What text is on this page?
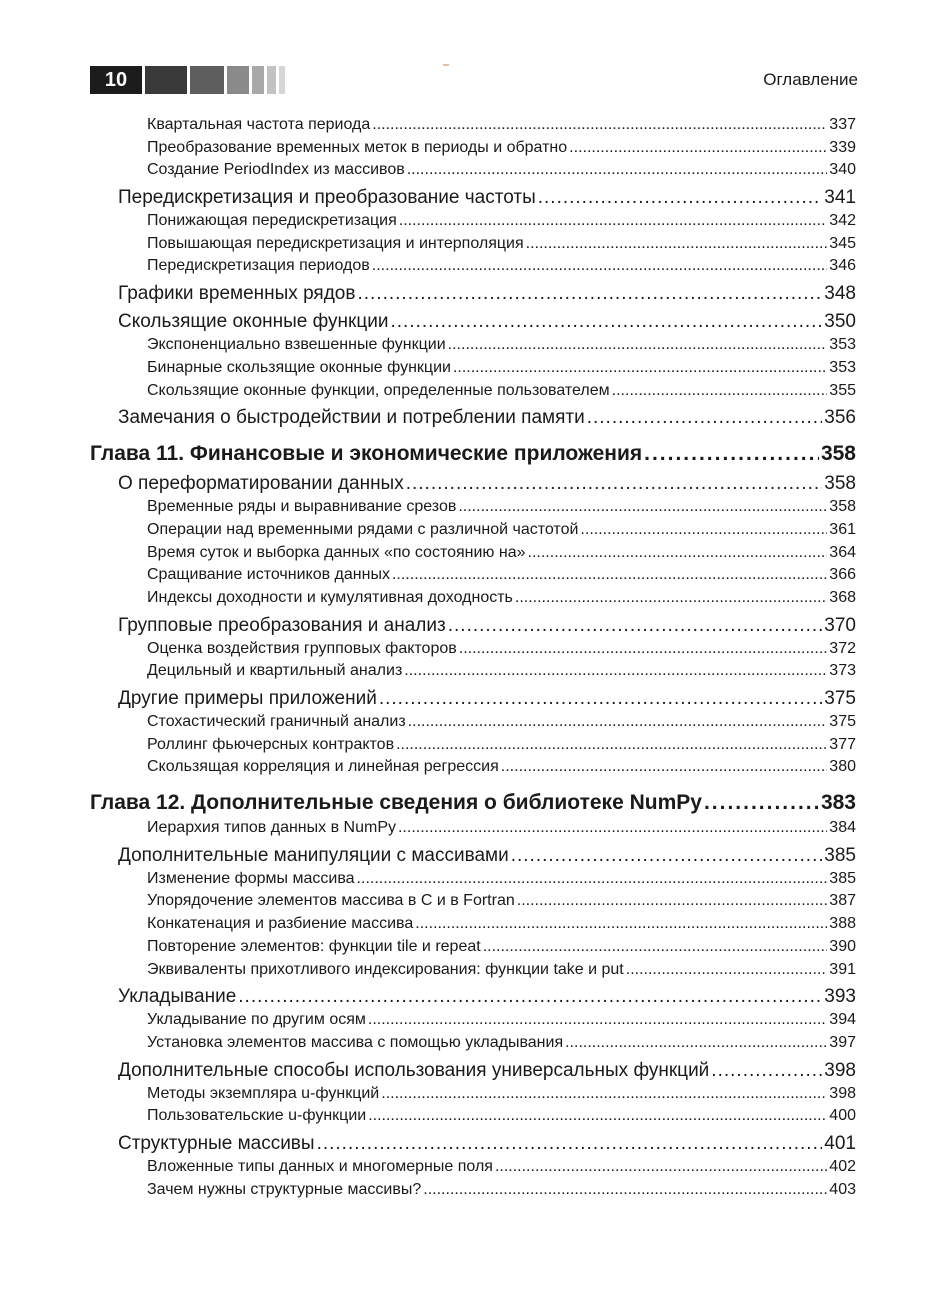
10	Оглавление
Квартальная частота периода .....	337
Преобразование временных меток в периоды и обратно .....	339
Создание PeriodIndex из массивов .....	340
Передискретизация и преобразование частоты .....	341
Понижающая передискретизация .....	342
Повышающая передискретизация и интерполяция .....	345
Передискретизация периодов .....	346
Графики временных рядов .....	348
Скользящие оконные функции .....	350
Экспоненциально взвешенные функции .....	353
Бинарные скользящие оконные функции .....	353
Скользящие оконные функции, определенные пользователем .....	355
Замечания о быстродействии и потреблении памяти .....	356
Глава 11. Финансовые и экономические приложения .....	358
О переформатировании данных .....	358
Временные ряды и выравнивание срезов .....	358
Операции над временными рядами с различной частотой .....	361
Время суток и выборка данных «по состоянию на» .....	364
Сращивание источников данных .....	366
Индексы доходности и кумулятивная доходность .....	368
Групповые преобразования и анализ .....	370
Оценка воздействия групповых факторов .....	372
Децильный и квартильный анализ .....	373
Другие примеры приложений .....	375
Стохастический граничный анализ .....	375
Роллинг фьючерсных контрактов .....	377
Скользящая корреляция и линейная регрессия .....	380
Глава 12. Дополнительные сведения о библиотеке NumPy .....	383
Иерархия типов данных в NumPy .....	384
Дополнительные манипуляции с массивами .....	385
Изменение формы массива .....	385
Упорядочение элементов массива в C и в Fortran .....	387
Конкатенация и разбиение массива .....	388
Повторение элементов: функции tile и repeat .....	390
Эквиваленты прихотливого индексирования: функции take и put .....	391
Укладывание .....	393
Укладывание по другим осям .....	394
Установка элементов массива с помощью укладывания .....	397
Дополнительные способы использования универсальных функций .....	398
Методы экземпляра u-функций .....	398
Пользовательские u-функции .....	400
Структурные массивы .....	401
Вложенные типы данных и многомерные поля .....	402
Зачем нужны структурные массивы? .....	403
